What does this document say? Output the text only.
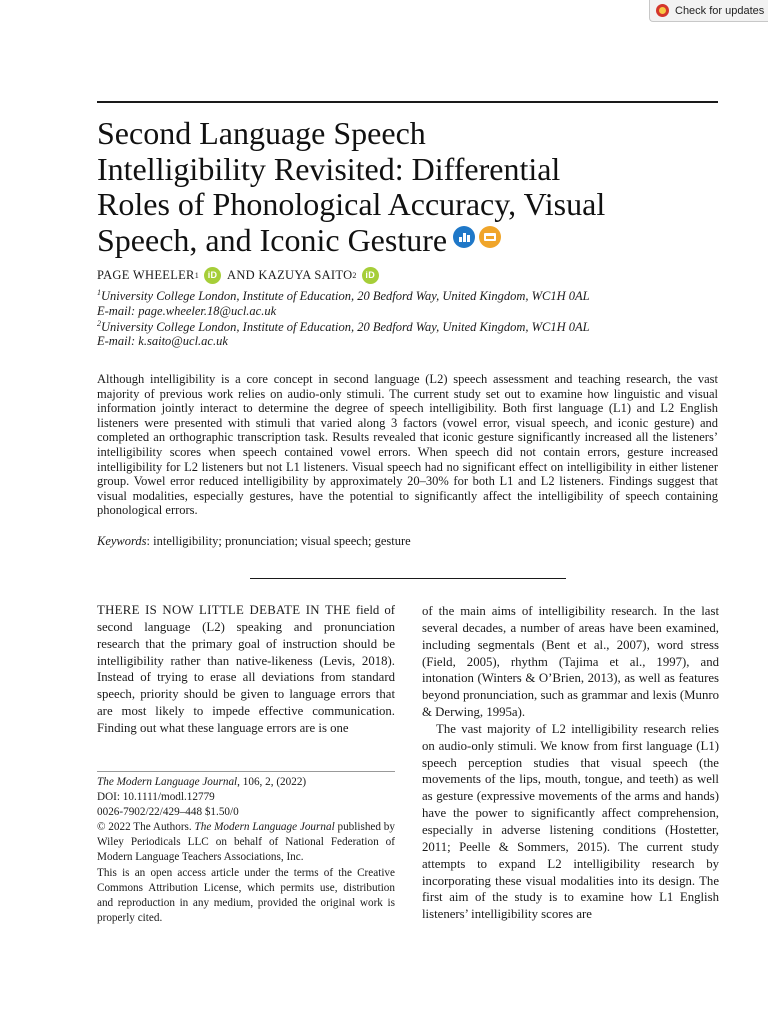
Check for updates
Second Language Speech
Intelligibility Revisited: Differential
Roles of Phonological Accuracy, Visual
Speech, and Iconic Gesture
PAGE WHEELER 1 iD AND KAZUYA SAITO 2 iD
$^1$University College London, Institute of Education, 20 Bedford Way, United Kingdom, WC1H 0AL
E-mail: page.wheeler.18@ucl.ac.uk
$^2$University College London, Institute of Education, 20 Bedford Way, United Kingdom, WC1H 0AL
E-mail: k.saito@ucl.ac.uk

Although intelligibility is a core concept in second language (L2) speech assessment and teaching research, the vast majority of previous work relies on audio-only stimuli. The current study set out to examine how linguistic and visual information jointly interact to determine the degree of speech intelligibility. Both first language (L1) and L2 English listeners were presented with stimuli that varied along 3 factors (vowel error, visual speech, and iconic gesture) and completed an orthographic transcription task. Results revealed that iconic gesture significantly increased all the listeners’ intelligibility scores when speech contained vowel errors. When speech did not contain errors, gesture increased intelligibility for L2 listeners but not L1 listeners. Visual speech had no significant effect on intelligibility in either listener group. Vowel error reduced intelligibility by approximately 20–30% for both L1 and L2 listeners. Findings suggest that visual modalities, especially gestures, have the potential to significantly affect the intelligibility of speech containing phonological errors.

Keywords: intelligibility; pronunciation; visual speech; gesture

THERE IS NOW LITTLE DEBATE IN THE field of second language (L2) speaking and pronunciation research that the primary goal of instruction should be intelligibility rather than native-likeness (Levis, 2018). Instead of trying to erase all deviations from standard speech, priority should be given to language errors that are most likely to impede effective communication. Finding out what these language errors are is one

The Modern Language Journal, 106, 2, (2022)
DOI: 10.1111/modl.12779
0026-7902/22/429–448 $1.50/0
© 2022 The Authors. The Modern Language Journal published by Wiley Periodicals LLC on behalf of National Federation of Modern Language Teachers Associations, Inc.
This is an open access article under the terms of the Creative Commons Attribution License, which permits use, distribution and reproduction in any medium, provided the original work is properly cited.

of the main aims of intelligibility research. In the last several decades, a number of areas have been examined, including segmentals (Bent et al., 2007), word stress (Field, 2005), rhythm (Tajima et al., 1997), and intonation (Winters & O’Brien, 2013), as well as features beyond pronunciation, such as grammar and lexis (Munro & Derwing, 1995a).

The vast majority of L2 intelligibility research relies on audio-only stimuli. We know from first language (L1) speech perception studies that visual speech (the movements of the lips, mouth, tongue, and teeth) as well as gesture (expressive movements of the arms and hands) have the power to significantly affect comprehension, especially in adverse listening conditions (Hostetter, 2011; Peelle & Sommers, 2015). The current study attempts to expand L2 intelligibility research by incorporating these visual modalities into its design. The first aim of the study is to examine how L1 English listeners’ intelligibility scores are
